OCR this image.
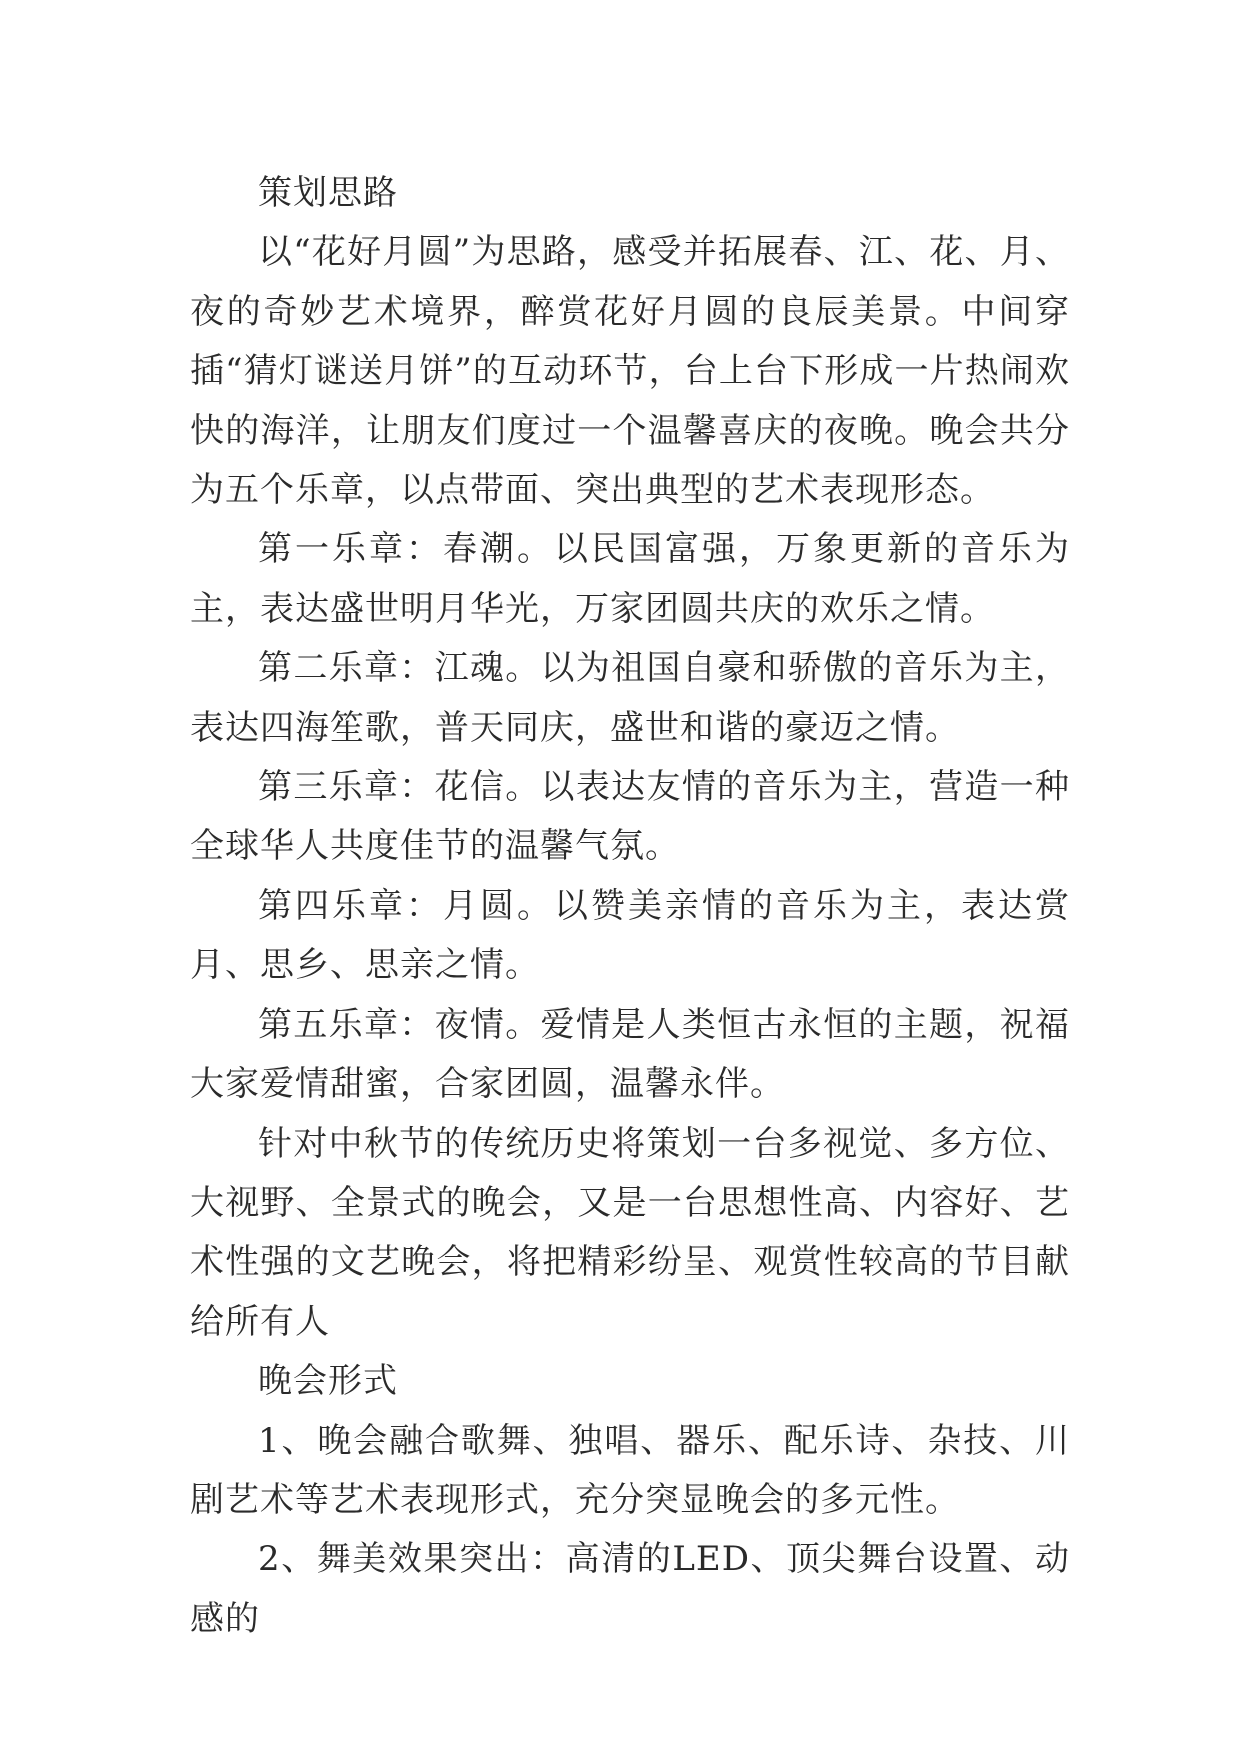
策划思路

以“花好月圆”为思路，感受并拓展春、江、花、月、夜的奇妙艺术境界，醉赏花好月圆的良辰美景。中间穿插“猜灯谜送月饼”的互动环节，台上台下形成一片热闹欢快的海洋，让朋友们度过一个温馨喜庆的夜晚。晚会共分为五个乐章，以点带面、突出典型的艺术表现形态。

第一乐章：春潮。以民国富强，万象更新的音乐为主，表达盛世明月华光，万家团圆共庆的欢乐之情。

第二乐章：江魂。以为祖国自豪和骄傲的音乐为主，表达四海笙歌，普天同庆，盛世和谐的豪迈之情。

第三乐章：花信。以表达友情的音乐为主，营造一种全球华人共度佳节的温馨气氛。

第四乐章：月圆。以赞美亲情的音乐为主，表达赏月、思乡、思亲之情。

第五乐章：夜情。爱情是人类恒古永恒的主题，祝福大家爱情甜蜜，合家团圆，温馨永伴。

针对中秋节的传统历史将策划一台多视觉、多方位、大视野、全景式的晚会，又是一台思想性高、内容好、艺术性强的文艺晚会，将把精彩纷呈、观赏性较高的节目献给所有人

晚会形式

1、晚会融合歌舞、独唱、器乐、配乐诗、杂技、川剧艺术等艺术表现形式，充分突显晚会的多元性。

2、舞美效果突出：高清的LED、顶尖舞台设置、动感的
